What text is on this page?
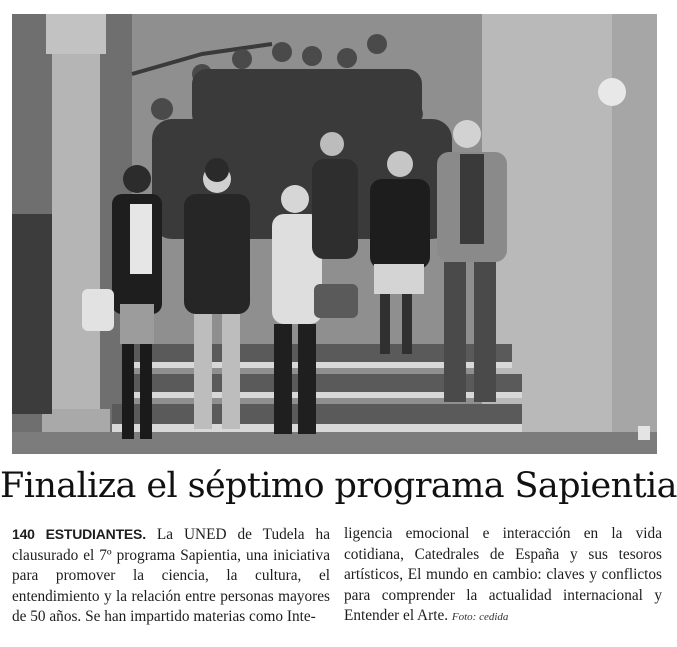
Finaliza el séptimo programa Sapientia

140 ESTUDIANTES. La UNED de Tudela ha clausurado el 7º programa Sapientia, una iniciativa para promover la ciencia, la cultura, el entendimiento y la relación entre personas mayores de 50 años. Se han impartido materias como Inte-

ligencia emocional e interacción en la vida cotidiana, Catedrales de España y sus tesoros artísticos, El mundo en cambio: claves y conflictos para comprender la actualidad internacional y Entender el Arte. Foto: cedida
